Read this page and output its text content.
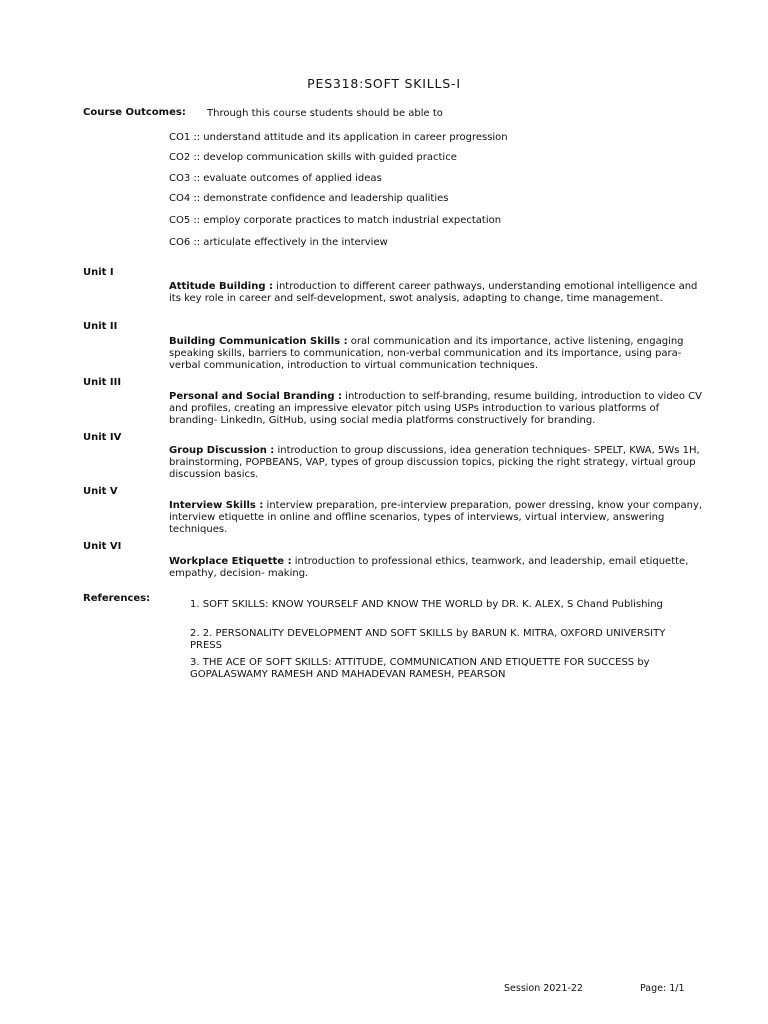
PES318:SOFT SKILLS-I
Course Outcomes: Through this course students should be able to
CO1 :: understand attitude and its application in career progression
CO2 :: develop communication skills with guided practice
CO3 :: evaluate outcomes of applied ideas
CO4 :: demonstrate confidence and leadership qualities
CO5 :: employ corporate practices to match industrial expectation
CO6 :: articulate effectively in the interview
Unit I
Attitude Building : introduction to different career pathways, understanding emotional intelligence and its key role in career and self-development, swot analysis, adapting to change, time management.
Unit II
Building Communication Skills : oral communication and its importance, active listening, engaging speaking skills, barriers to communication, non-verbal communication and its importance, using para-verbal communication, introduction to virtual communication techniques.
Unit III
Personal and Social Branding : introduction to self-branding, resume building, introduction to video CV and profiles, creating an impressive elevator pitch using USPs introduction to various platforms of branding- LinkedIn, GitHub, using social media platforms constructively for branding.
Unit IV
Group Discussion : introduction to group discussions, idea generation techniques- SPELT, KWA, 5Ws 1H, brainstorming, POPBEANS, VAP, types of group discussion topics, picking the right strategy, virtual group discussion basics.
Unit V
Interview Skills : interview preparation, pre-interview preparation, power dressing, know your company, interview etiquette in online and offline scenarios, types of interviews, virtual interview, answering techniques.
Unit VI
Workplace Etiquette : introduction to professional ethics, teamwork, and leadership, email etiquette, empathy, decision- making.
References:
1. SOFT SKILLS: KNOW YOURSELF AND KNOW THE WORLD by DR. K. ALEX, S Chand Publishing
2. 2. PERSONALITY DEVELOPMENT AND SOFT SKILLS by BARUN K. MITRA, OXFORD UNIVERSITY PRESS
3. THE ACE OF SOFT SKILLS: ATTITUDE, COMMUNICATION AND ETIQUETTE FOR SUCCESS by GOPALASWAMY RAMESH AND MAHADEVAN RAMESH, PEARSON
Session 2021-22	Page: 1/1
